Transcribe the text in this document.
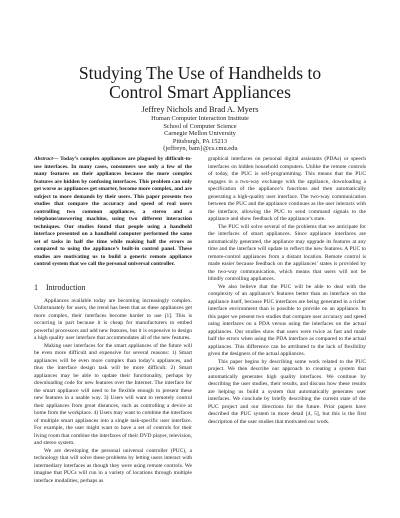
Studying The Use of Handhelds to
Control Smart Appliances
Jeffrey Nichols and Brad A. Myers
Human Computer Interaction Institute
School of Computer Science
Carnegie Mellon University
Pittsburgh, PA 15213
{jeffreyn, bam}@cs.cmu.edu

Abstract— Today’s complex appliances are plagued by difficult-to-use interfaces. In many cases, consumers use only a few of the many features on their appliances because the more complex features are hidden by confusing interfaces. This problem can only get worse as appliances get smarter, become more complex, and are subject to more demands by their users. This paper presents two studies that compare the accuracy and speed of real users controlling two common appliances, a stereo and a telephone/answering machine, using two different interaction techniques. Our studies found that people using a handheld interface presented on a handheld computer performed the same set of tasks in half the time while making half the errors as compared to using the appliance’s built-in control panel. These studies are motivating us to build a generic remote appliance control system that we call the personal universal controller.

1 Introduction

Appliances available today are becoming increasingly complex. Unfortunately for users, the trend has been that as these appliances get more complex, their interfaces become harder to use [1]. This is occurring in part because it is cheap for manufacturers to embed powerful processors and add new features, but it is expensive to design a high quality user interface that accommodates all of the new features.

Making user interfaces for the smart appliances of the future will be even more difficult and expensive for several reasons: 1) Smart appliances will be even more complex than today’s appliances, and thus the interface design task will be more difficult. 2) Smart appliances may be able to update their functionality, perhaps by downloading code for new features over the Internet. The interface for the smart appliance will need to be flexible enough to present these new features in a usable way. 3) Users will want to remotely control their appliances from great distances, such as controlling a device at home from the workplace. 4) Users may want to combine the interfaces of multiple smart appliances into a single task-specific user interface. For example, the user might want to have a set of controls for their living room that combine the interfaces of their DVD player, television, and stereo system.

We are developing the personal universal controller (PUC), a technology that will solve these problems by letting users interact with intermediary interfaces as though they were using remote controls. We imagine that PUCs will run in a variety of locations through multiple interface modalities, perhaps as

graphical interfaces on personal digital assistants (PDAs) or speech interfaces on hidden household computers. Unlike the remote controls of today, the PUC is self-programming. This means that the PUC engages in a two-way exchange with the appliance, downloading a specification of the appliance’s functions and then automatically generating a high-quality user interface. The two-way communication between the PUC and the appliance continues as the user interacts with the interface, allowing the PUC to send command signals to the appliance and show feedback of the appliance’s state.

The PUC will solve several of the problems that we anticipate for the interfaces of smart appliances. Since appliance interfaces are automatically generated, the appliance may upgrade its features at any time and the interface will update to reflect the new features. A PUC to remote-control appliances from a distant location. Remote control is made easier because feedback on the appliances’ states is provided by the two-way communication, which means that users will not be blindly controlling appliances.

We also believe that the PUC will be able to deal with the complexity of an appliance’s features better than an interface on the appliance itself, because PUC interfaces are being generated in a richer interface environment than is possible to provide on an appliance. In this paper we present two studies that compare user accuracy and speed using interfaces on a PDA versus using the interfaces on the actual appliances. Our studies show that users were twice as fast and made half the errors when using the PDA interface as compared to the actual appliances. This difference can be attributed to the lack of flexibility given the designers of the actual appliances.

This paper begins by describing some work related to the PUC project. We then describe our approach to creating a system that automatically generates high quality interfaces. We continue by describing the user studies, their results, and discuss how these results are helping us build a system that automatically generates user interfaces. We conclude by briefly describing the current state of the PUC project and our directions for the future. Prior papers have described the PUC system in more detail [4, 5], but this is the first description of the user studies that motivated our work.
